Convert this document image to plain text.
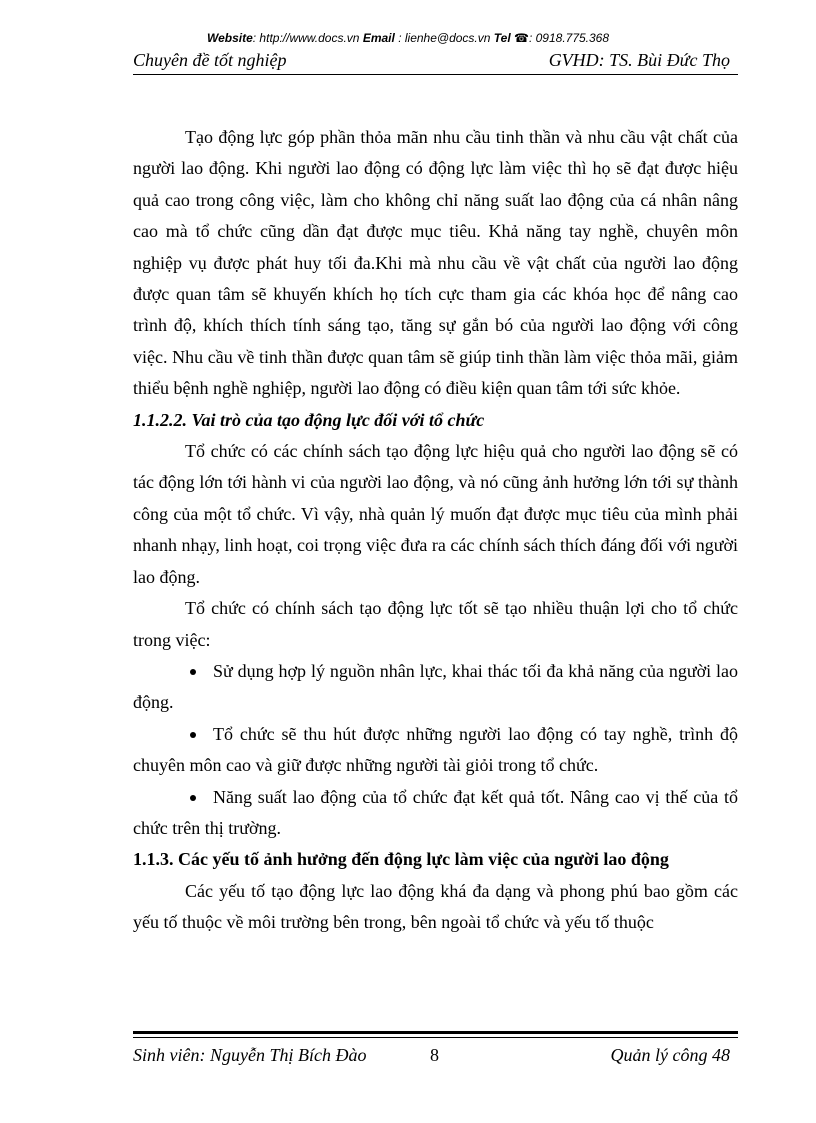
Website: http://www.docs.vn Email : lienhe@docs.vn Tel ☎: 0918.775.368
Chuyên đề tốt nghiệp	GVHD: TS. Bùi Đức Thọ
Tạo động lực góp phần thỏa mãn nhu cầu tinh thần và nhu cầu vật chất của người lao động. Khi người lao động có động lực làm việc thì họ sẽ đạt được hiệu quả cao trong công việc, làm cho không chỉ năng suất lao động của cá nhân nâng cao mà tổ chức cũng dần đạt được mục tiêu. Khả năng tay nghề, chuyên môn nghiệp vụ được phát huy tối đa.Khi mà nhu cầu về vật chất của người lao động được quan tâm sẽ khuyến khích họ tích cực tham gia các khóa học để nâng cao trình độ, khích thích tính sáng tạo, tăng sự gắn bó của người lao động với công việc. Nhu cầu về tinh thần được quan tâm sẽ giúp tinh thần làm việc thỏa mãi, giảm thiểu bệnh nghề nghiệp, người lao động có điều kiện quan tâm tới sức khỏe.
1.1.2.2. Vai trò của tạo động lực đối với tổ chức
Tổ chức có các chính sách tạo động lực hiệu quả cho người lao động sẽ có tác động lớn tới hành vi của người lao động, và nó cũng ảnh hưởng lớn tới sự thành công của một tổ chức. Vì vậy, nhà quản lý muốn đạt được mục tiêu của mình phải nhanh nhạy, linh hoạt, coi trọng việc đưa ra các chính sách thích đáng đối với người lao động.
Tổ chức có chính sách tạo động lực tốt sẽ tạo nhiều thuận lợi cho tổ chức trong việc:
Sử dụng hợp lý nguồn nhân lực, khai thác tối đa khả năng của người lao động.
Tổ chức sẽ thu hút được những người lao động có tay nghề, trình độ chuyên môn cao và giữ được những người tài giỏi trong tổ chức.
Năng suất lao động của tổ chức đạt kết quả tốt. Nâng cao vị thế của tổ chức trên thị trường.
1.1.3. Các yếu tố ảnh hưởng đến động lực làm việc của người lao động
Các yếu tố tạo động lực lao động khá đa dạng và phong phú bao gồm các yếu tố thuộc về môi trường bên trong, bên ngoài tổ chức và yếu tố thuộc
Sinh viên: Nguyễn Thị Bích Đào	8	Quản lý công 48
